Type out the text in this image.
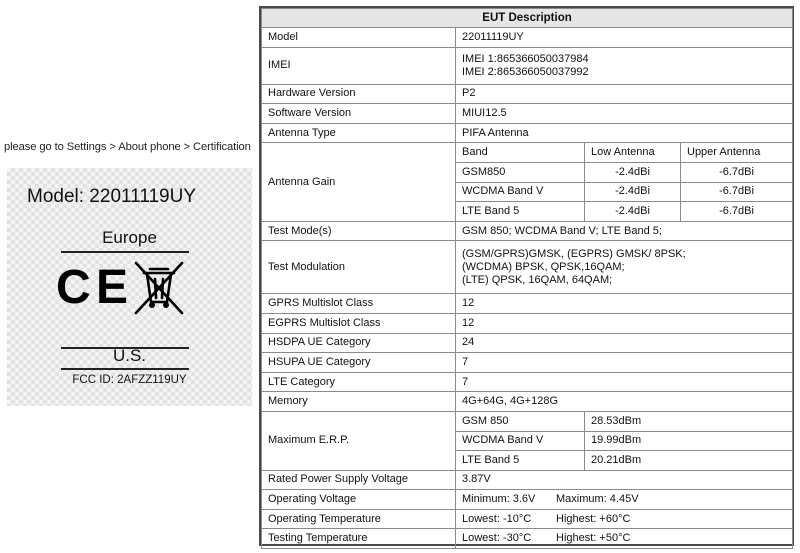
please go to Settings > About phone > Certification
Model: 22011119UY
Europe
CE
U.S.
FCC ID: 2AFZZ119UY
EUT Description			
Model	22011119UY		
IMEI	IMEI 1:865366050037984
IMEI 2:865366050037992		

Hardware Version	P2		
Software Version	MIUI12.5		
Antenna Type	PIFA Antenna		
Antenna Gain	Band	Low Antenna	Upper Antenna
	GSM850	-2.4dBi	-6.7dBi
	WCDMA Band V	-2.4dBi	-6.7dBi
	LTE Band 5	-2.4dBi	-6.7dBi
Test Mode(s)	GSM 850; WCDMA Band V; LTE Band 5;		
Test Modulation	(GSM/GPRS)GMSK, (EGPRS) GMSK/ 8PSK;
(WCDMA) BPSK, QPSK,16QAM;
(LTE) QPSK, 16QAM, 64QAM;		

GPRS Multislot Class	12		
EGPRS Multislot Class	12		
HSDPA UE Category	24		
HSUPA UE Category	7		
LTE Category	7		
Memory	4G+64G, 4G+128G		
Maximum E.R.P.	GSM 850	28.53dBm	
	WCDMA Band V	19.99dBm	
	LTE Band 5	20.21dBm	
Rated Power Supply Voltage	3.87V		
Operating Voltage	Minimum: 3.6V Maximum: 4.45V		
Operating Temperature	Lowest: -10°C Highest: +60°C		
Testing Temperature	Lowest: -30°C Highest: +50°C		
